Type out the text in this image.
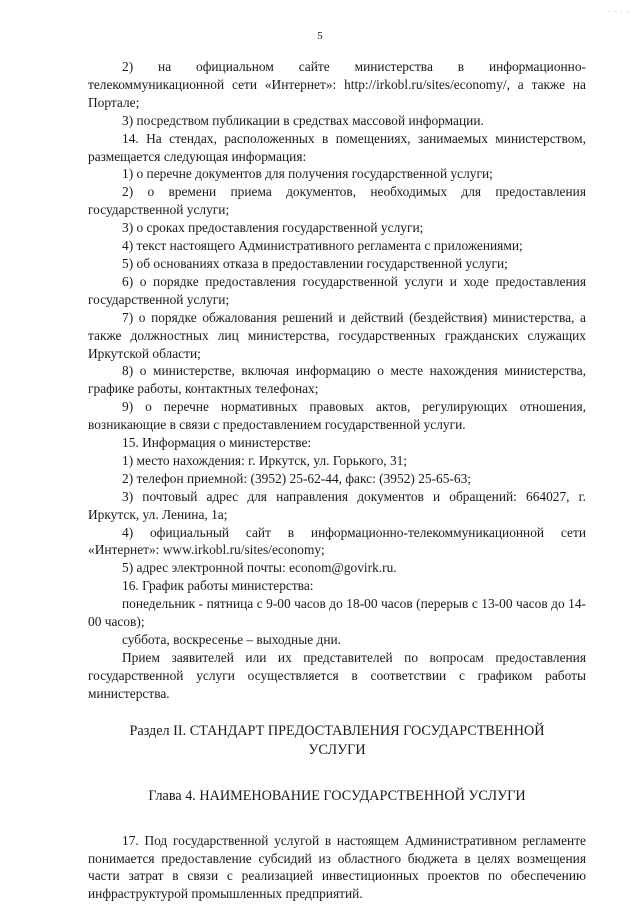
· · · ·
5

2) на официальном сайте министерства в информационно-телекоммуникационной сети «Интернет»: http://irkobl.ru/sites/economy/, а также на Портале;

3) посредством публикации в средствах массовой информации.

14. На стендах, расположенных в помещениях, занимаемых министерством, размещается следующая информация:

1) о перечне документов для получения государственной услуги;

2) о времени приема документов, необходимых для предоставления государственной услуги;

3) о сроках предоставления государственной услуги;

4) текст настоящего Административного регламента с приложениями;

5) об основаниях отказа в предоставлении государственной услуги;

6) о порядке предоставления государственной услуги и ходе предоставления государственной услуги;

7) о порядке обжалования решений и действий (бездействия) министерства, а также должностных лиц министерства, государственных гражданских служащих Иркутской области;

8) о министерстве, включая информацию о месте нахождения министерства, графике работы, контактных телефонах;

9) о перечне нормативных правовых актов, регулирующих отношения, возникающие в связи с предоставлением государственной услуги.

15. Информация о министерстве:

1) место нахождения: г. Иркутск, ул. Горького, 31;

2) телефон приемной: (3952) 25-62-44, факс: (3952) 25-65-63;

3) почтовый адрес для направления документов и обращений: 664027, г. Иркутск, ул. Ленина, 1а;

4) официальный сайт в информационно-телекоммуникационной сети «Интернет»: www.irkobl.ru/sites/economy;

5) адрес электронной почты: econom@govirk.ru.

16. График работы министерства:

понедельник - пятница с 9-00 часов до 18-00 часов (перерыв с 13-00 часов до 14-00 часов);

суббота, воскресенье – выходные дни.

Прием заявителей или их представителей по вопросам предоставления государственной услуги осуществляется в соответствии с графиком работы министерства.

Раздел II. СТАНДАРТ ПРЕДОСТАВЛЕНИЯ ГОСУДАРСТВЕННОЙ
УСЛУГИ
Глава 4. НАИМЕНОВАНИЕ ГОСУДАРСТВЕННОЙ УСЛУГИ

17. Под государственной услугой в настоящем Административном регламенте понимается предоставление субсидий из областного бюджета в целях возмещения части затрат в связи с реализацией инвестиционных проектов по обеспечению инфраструктурой промышленных предприятий.
